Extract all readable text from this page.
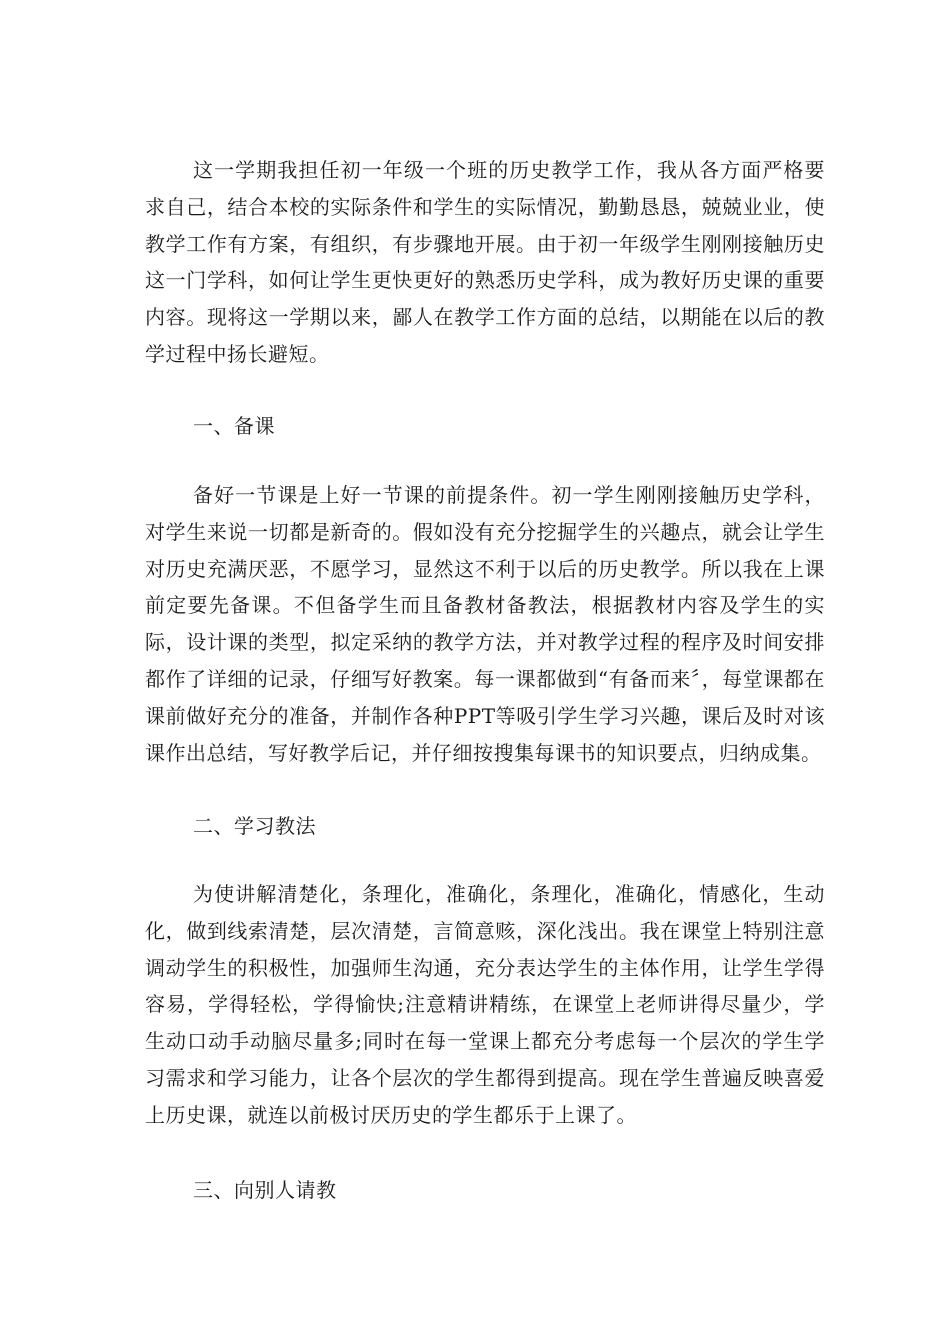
这一学期我担任初一年级一个班的历史教学工作，我从各方面严格要求自己，结合本校的实际条件和学生的实际情况，勤勤恳恳，兢兢业业，使教学工作有方案，有组织，有步骤地开展。由于初一年级学生刚刚接触历史这一门学科，如何让学生更快更好的熟悉历史学科，成为教好历史课的重要内容。现将这一学期以来，鄙人在教学工作方面的总结，以期能在以后的教学过程中扬长避短。

一、备课

备好一节课是上好一节课的前提条件。初一学生刚刚接触历史学科，对学生来说一切都是新奇的。假如没有充分挖掘学生的兴趣点，就会让学生对历史充满厌恶，不愿学习，显然这不利于以后的历史教学。所以我在上课前定要先备课。不但备学生而且备教材备教法，根据教材内容及学生的实际，设计课的类型，拟定采纳的教学方法，并对教学过程的程序及时间安排都作了详细的记录，仔细写好教案。每一课都做到“有备而来〞，每堂课都在课前做好充分的准备，并制作各种PPT等吸引学生学习兴趣，课后及时对该课作出总结，写好教学后记，并仔细按搜集每课书的知识要点，归纳成集。

二、学习教法

为使讲解清楚化，条理化，准确化，条理化，准确化，情感化，生动化，做到线索清楚，层次清楚，言简意赅，深化浅出。我在课堂上特别注意调动学生的积极性，加强师生沟通，充分表达学生的主体作用，让学生学得容易，学得轻松，学得愉快;注意精讲精练，在课堂上老师讲得尽量少，学生动口动手动脑尽量多;同时在每一堂课上都充分考虑每一个层次的学生学习需求和学习能力，让各个层次的学生都得到提高。现在学生普遍反映喜爱上历史课，就连以前极讨厌历史的学生都乐于上课了。

三、向别人请教
